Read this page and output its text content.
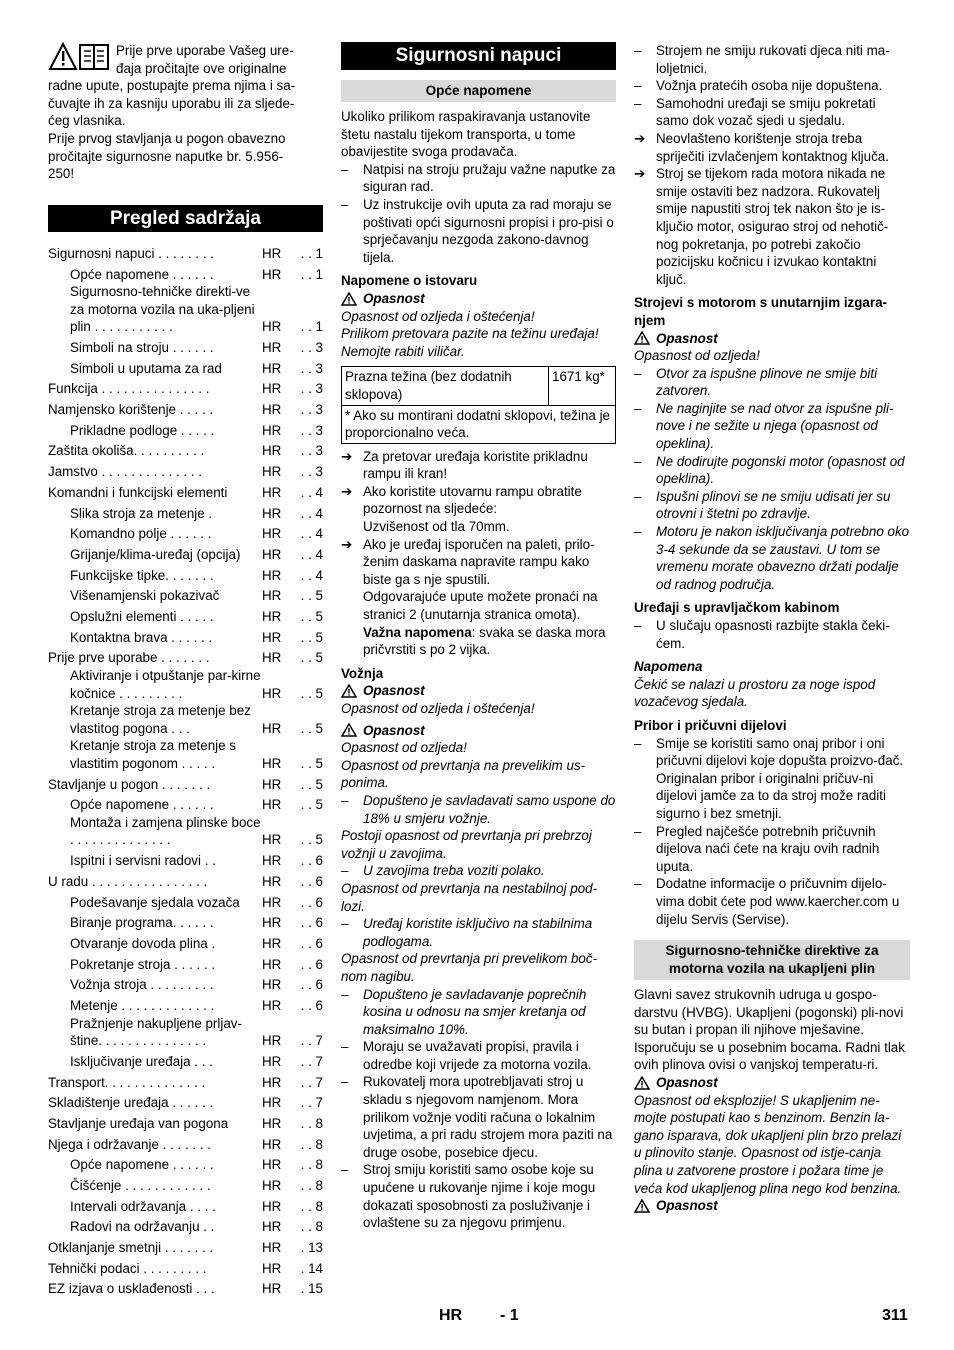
Prije prve uporabe Vašeg ure-
đaja pročitajte ove originalne
radne upute, postupajte prema njima i sa-
čuvajte ih za kasniju uporabu ili za sljede-
ćeg vlasnika.
Prije prvog stavljanja u pogon obavezno
pročitajte sigurnosne naputke br. 5.956-
250!
Pregled sadržaja
Sigurnosni napuci . . . . . . . .	HR	. . 1
Opće napomene . . . . . .	HR	. . 1
Sigurnosno-tehničke direkti-ve za motorna vozila na uka-pljeni plin . . . . . . . . . . .	HR	. . 1
Simboli na stroju . . . . . .	HR	. . 3
Simboli u uputama za rad	HR	. . 3
Funkcija . . . . . . . . . . . . . . .	HR	. . 3
Namjensko korištenje . . . . .	HR	. . 3
Prikladne podloge . . . . .	HR	. . 3
Zaštita okoliša. . . . . . . . . .	HR	. . 3
Jamstvo . . . . . . . . . . . . . .	HR	. . 3
Komandni i funkcijski elementi	HR	. . 4
Slika stroja za metenje .	HR	. . 4
Komandno polje . . . . . .	HR	. . 4
Grijanje/klima-uređaj (opcija)	HR	. . 4
Funkcijske tipke. . . . . . .	HR	. . 4
Višenamjenski pokazivač	HR	. . 5
Opslužni elementi . . . . .	HR	. . 5
Kontaktna brava . . . . . .	HR	. . 5
Prije prve uporabe . . . . . . .	HR	. . 5
Aktiviranje i otpuštanje par-kirne kočnice . . . . . . . . .	HR	. . 5
Kretanje stroja za metenje bez vlastitog pogona . . .	HR	. . 5
Kretanje stroja za metenje s vlastitim pogonom . . . . .	HR	. . 5
Stavljanje u pogon . . . . . . .	HR	. . 5
Opće napomene . . . . . .	HR	. . 5
Montaža i zamjena plinske boce . . . . . . . . . . . . . .	HR	. . 5
Ispitni i servisni radovi . .	HR	. . 6
U radu . . . . . . . . . . . . . . . .	HR	. . 6
Podešavanje sjedala vozača	HR	. . 6
Biranje programa. . . . . .	HR	. . 6
Otvaranje dovoda plina .	HR	. . 6
Pokretanje stroja . . . . . .	HR	. . 6
Vožnja stroja . . . . . . . . .	HR	. . 6
Metenje . . . . . . . . . . . . .	HR	. . 6
Pražnjenje nakupljene prljav-štine. . . . . . . . . . . . . . .	HR	. . 7
Isključivanje uređaja . . .	HR	. . 7
Transport. . . . . . . . . . . . . .	HR	. . 7
Skladištenje uređaja . . . . . .	HR	. . 7
Stavljanje uređaja van pogona	HR	. . 8
Njega i održavanje . . . . . . .	HR	. . 8
Opće napomene . . . . . .	HR	. . 8
Čišćenje . . . . . . . . . . . .	HR	. . 8
Intervali održavanja . . . .	HR	. . 8
Radovi na održavanju . .	HR	. . 8
Otklanjanje smetnji . . . . . . .	HR	. 13
Tehnički podaci . . . . . . . . .	HR	. 14
EZ izjava o usklađenosti . . .	HR	. 15
Sigurnosni napuci
Opće napomene
Ukoliko prilikom raspakiravanja ustanovite štetu nastalu tijekom transporta, u tome obavijestite svoga prodavača.
–	Natpisi na stroju pružaju važne naputke za siguran rad.
–	Uz instrukcije ovih uputa za rad moraju se poštivati opći sigurnosni propisi i pro-pisi o sprječavanju nezgoda zakono-davnog tijela.
Napomene o istovaru
Opasnost
Opasnost od ozljeda i oštećenja!
Prilikom pretovara pazite na težinu uređaja!
Nemojte rabiti viličar.
Prazna težina (bez dodatnih sklopova)	1671 kg*
* Ako su montirani dodatni sklopovi, težina je proporcionalno veća.
➔ Za pretovar uređaja koristite prikladnu rampu ili kran!
➔ Ako koristite utovarnu rampu obratite pozornost na sljedeće:
Uzvišenost od tla 70mm.
➔ Ako je uređaj isporučen na paleti, prilo-ženim daskama napravite rampu kako biste ga s nje spustili.
Odgovarajuće upute možete pronaći na stranici 2 (unutarnja stranica omota).
Važna napomena: svaka se daska mora pričvrstiti s po 2 vijka.
Vožnja
Opasnost
Opasnost od ozljeda i oštećenja!
Opasnost
Opasnost od ozljeda!
Opasnost od prevrtanja na prevelikim us-ponima.
–	Dopušteno je savladavati samo uspone do 18% u smjeru vožnje.
Postoji opasnost od prevrtanja pri prebrzoj vožnji u zavojima.
–	U zavojima treba voziti polako.
Opasnost od prevrtanja na nestabilnoj pod-lozi.
–	Uređaj koristite isključivo na stabilnima podlogama.
Opasnost od prevrtanja pri prevelikom boč-nom nagibu.
–	Dopušteno je savladavanje poprečnih kosina u odnosu na smjer kretanja od maksimalno 10%.
–	Moraju se uvažavati propisi, pravila i odredbe koji vrijede za motorna vozila.
–	Rukovatelj mora upotrebljavati stroj u skladu s njegovom namjenom. Mora prilikom vožnje voditi računa o lokalnim uvjetima, a pri radu strojem mora paziti na druge osobe, posebice djecu.
–	Stroj smiju koristiti samo osobe koje su upućene u rukovanje njime i koje mogu dokazati sposobnosti za posluživanje i ovlaštene su za njegovu primjenu.
–	Strojem ne smiju rukovati djeca niti ma-loljetnici.
–	Vožnja pratećih osoba nije dopuštena.
–	Samohodni uređaji se smiju pokretati samo dok vozač sjedi u sjedalu.
➔ Neovlašteno korištenje stroja treba spriječiti izvlačenjem kontaktnog ključa.
➔ Stroj se tijekom rada motora nikada ne smije ostaviti bez nadzora. Rukovatelj smije napustiti stroj tek nakon što je is-ključio motor, osigurao stroj od nehotič-nog pokretanja, po potrebi zakočio pozicijsku kočnicu i izvukao kontaktni ključ.
Strojevi s motorom s unutarnjim izgara-njem
Opasnost
Opasnost od ozljeda!
–	Otvor za ispušne plinove ne smije biti zatvoren.
–	Ne naginjite se nad otvor za ispušne pli-nove i ne sežite u njega (opasnost od opeklina).
–	Ne dodirujte pogonski motor (opasnost od opeklina).
–	Ispušni plinovi se ne smiju udisati jer su otrovni i štetni po zdravlje.
–	Motoru je nakon isključivanja potrebno oko 3-4 sekunde da se zaustavi. U tom se vremenu morate obavezno držati podalje od radnog područja.
Uređaji s upravljačkom kabinom
–	U slučaju opasnosti razbijte stakla čeki-ćem.
Napomena
Čekić se nalazi u prostoru za noge ispod vozačevog sjedala.
Pribor i pričuvni dijelovi
–	Smije se koristiti samo onaj pribor i oni pričuvni dijelovi koje dopušta proizvo-đač. Originalan pribor i originalni pričuv-ni dijelovi jamče za to da stroj može raditi sigurno i bez smetnji.
–	Pregled najčešće potrebnih pričuvnih dijelova naći ćete na kraju ovih radnih uputa.
–	Dodatne informacije o pričuvnim dijelo-vima dobit ćete pod www.kaercher.com u dijelu Servis (Servise).
Sigurnosno-tehničke direktive za motorna vozila na ukapljeni plin
Glavni savez strukovnih udruga u gospo-darstvu (HVBG). Ukapljeni (pogonski) pli-novi su butan i propan ili njihove mješavine. Isporučuju se u posebnim bocama. Radni tlak ovih plinova ovisi o vanjskoj temperatu-ri.
Opasnost
Opasnost od eksplozije! S ukapljenim ne-mojte postupati kao s benzinom. Benzin la-gano isparava, dok ukapljeni plin brzo prelazi u plinovito stanje. Opasnost od istje-canja plina u zatvorene prostore i požara time je veća kod ukapljenog plina nego kod benzina.
Opasnost
HR - 1	311
